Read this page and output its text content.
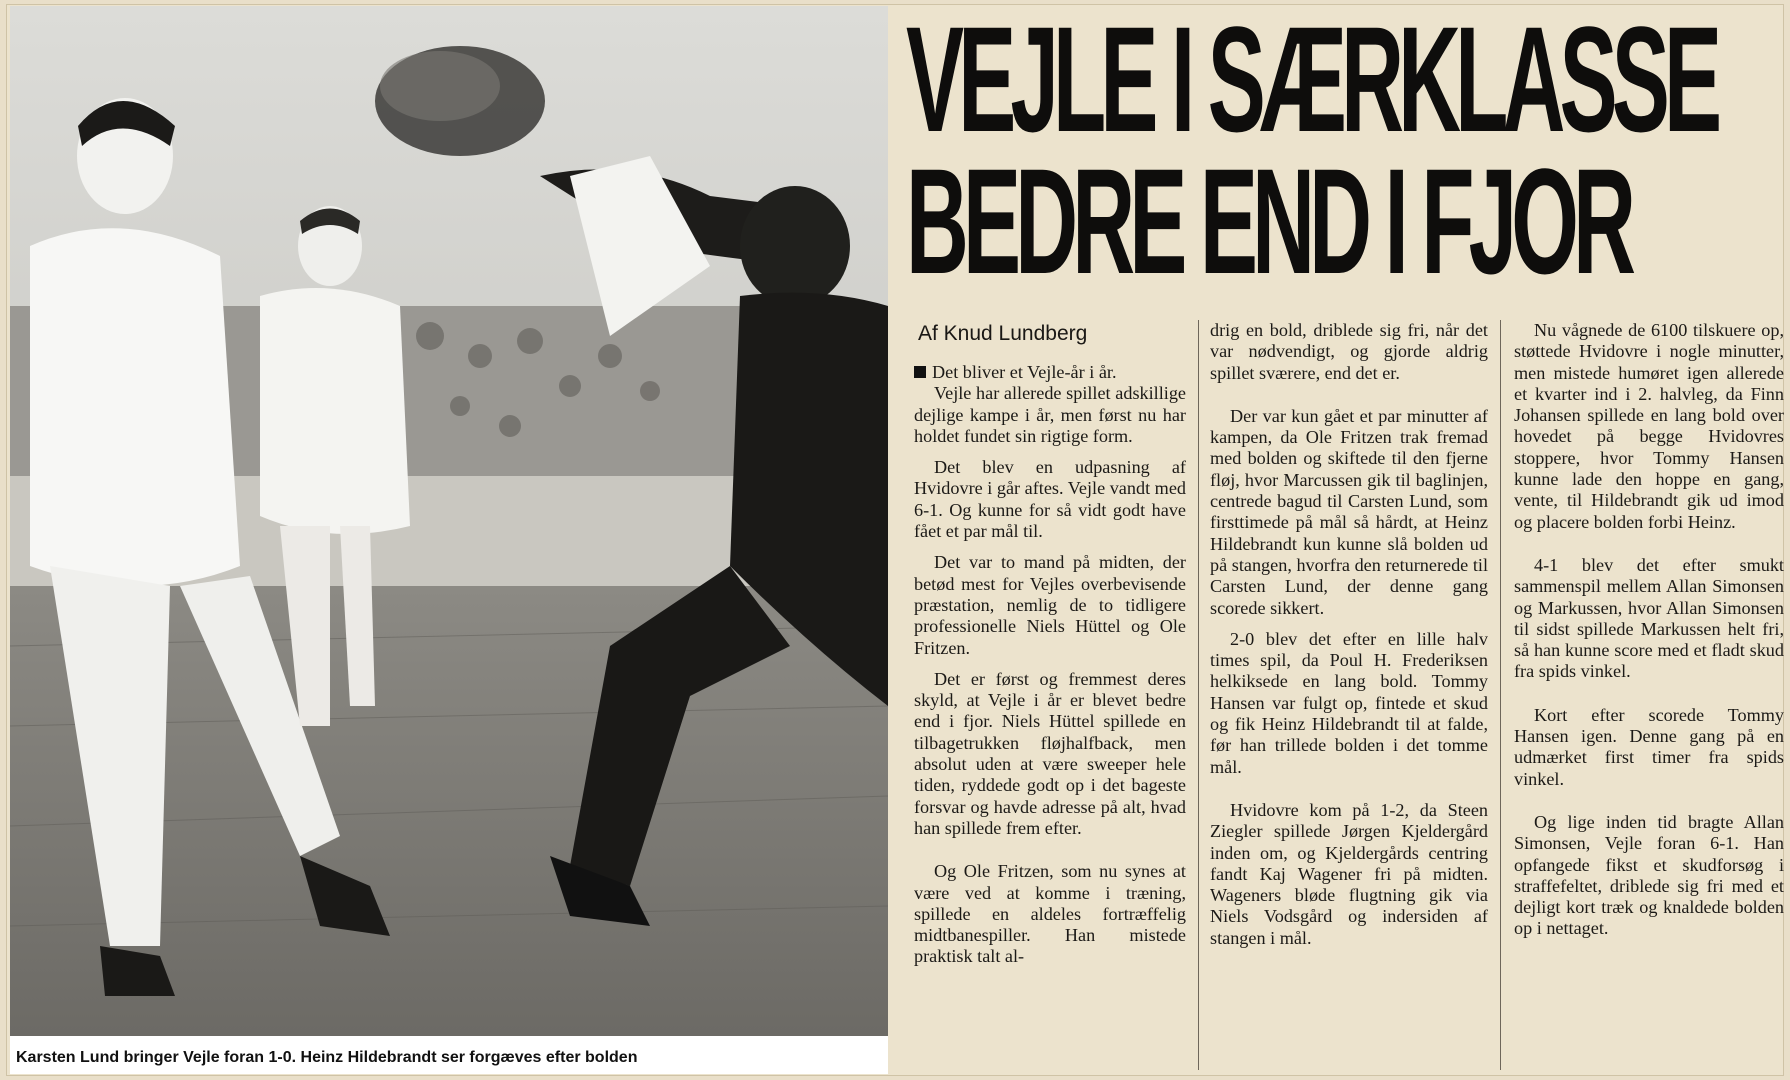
Karsten Lund bringer Vejle foran 1-0. Heinz Hildebrandt ser forgæves efter bolden
VEJLE I SÆRKLASSE
BEDRE END I FJOR
Af Knud Lundberg

Det bliver et Vejle-år i år.

Vejle har allerede spillet adskillige dejlige kampe i år, men først nu har holdet fundet sin rigtige form.

Det blev en udpasning af Hvidovre i går aftes. Vejle vandt med 6-1. Og kunne for så vidt godt have fået et par mål til.

Det var to mand på midten, der betød mest for Vejles overbevisende præstation, nemlig de to tidligere professionelle Niels Hüttel og Ole Fritzen.

Det er først og fremmest deres skyld, at Vejle i år er blevet bedre end i fjor. Niels Hüttel spillede en tilbagetrukken fløjhalfback, men absolut uden at være sweeper hele tiden, ryddede godt op i det bageste forsvar og havde adresse på alt, hvad han spillede frem efter.

Og Ole Fritzen, som nu synes at være ved at komme i træning, spillede en aldeles fortræffelig midtbanespiller. Han mistede praktisk talt al-

drig en bold, driblede sig fri, når det var nødvendigt, og gjorde aldrig spillet sværere, end det er.

Der var kun gået et par minutter af kampen, da Ole Fritzen trak fremad med bolden og skiftede til den fjerne fløj, hvor Marcussen gik til baglinjen, centrede bagud til Carsten Lund, som firsttimede på mål så hårdt, at Heinz Hildebrandt kun kunne slå bolden ud på stangen, hvorfra den returnerede til Carsten Lund, der denne gang scorede sikkert.

2-0 blev det efter en lille halv times spil, da Poul H. Frederiksen helkiksede en lang bold. Tommy Hansen var fulgt op, fintede et skud og fik Heinz Hildebrandt til at falde, før han trillede bolden i det tomme mål.

Hvidovre kom på 1-2, da Steen Ziegler spillede Jørgen Kjeldergård inden om, og Kjeldergårds centring fandt Kaj Wagener fri på midten. Wageners bløde flugtning gik via Niels Vodsgård og indersiden af stangen i mål.

Nu vågnede de 6100 tilskuere op, støttede Hvidovre i nogle minutter, men mistede humøret igen allerede et kvarter ind i 2. halvleg, da Finn Johansen spillede en lang bold over hovedet på begge Hvidovres stoppere, hvor Tommy Hansen kunne lade den hoppe en gang, vente, til Hildebrandt gik ud imod og placere bolden forbi Heinz.

4-1 blev det efter smukt sammenspil mellem Allan Simonsen og Markussen, hvor Allan Simonsen til sidst spillede Markussen helt fri, så han kunne score med et fladt skud fra spids vinkel.

Kort efter scorede Tommy Hansen igen. Denne gang på en udmærket first timer fra spids vinkel.

Og lige inden tid bragte Allan Simonsen, Vejle foran 6-1. Han opfangede fikst et skudforsøg i straffefeltet, driblede sig fri med et dejligt kort træk og knaldede bolden op i nettaget.
